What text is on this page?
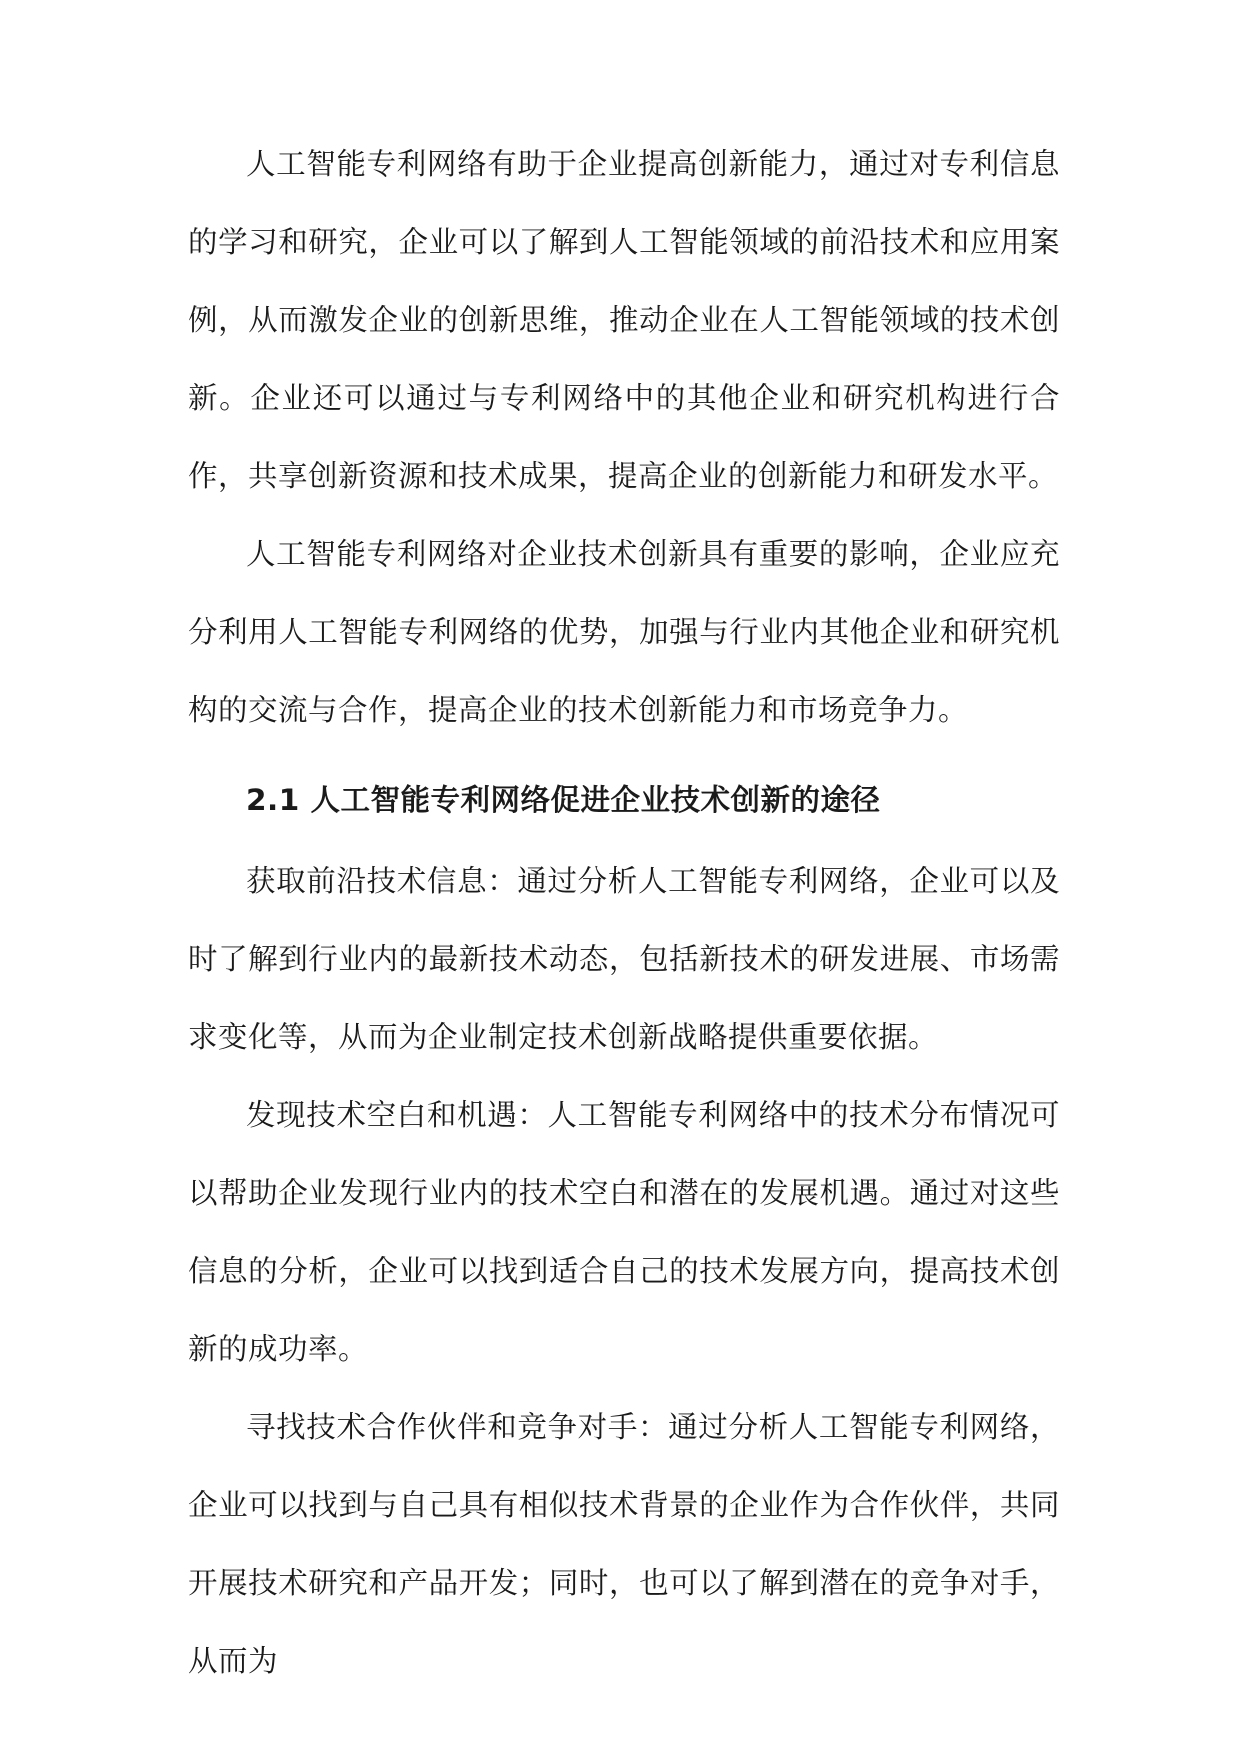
人工智能专利网络有助于企业提高创新能力，通过对专利信息的学习和研究，企业可以了解到人工智能领域的前沿技术和应用案例，从而激发企业的创新思维，推动企业在人工智能领域的技术创新。企业还可以通过与专利网络中的其他企业和研究机构进行合作，共享创新资源和技术成果，提高企业的创新能力和研发水平。

人工智能专利网络对企业技术创新具有重要的影响，企业应充分利用人工智能专利网络的优势，加强与行业内其他企业和研究机构的交流与合作，提高企业的技术创新能力和市场竞争力。

2.1 人工智能专利网络促进企业技术创新的途径

获取前沿技术信息：通过分析人工智能专利网络，企业可以及时了解到行业内的最新技术动态，包括新技术的研发进展、市场需求变化等，从而为企业制定技术创新战略提供重要依据。

发现技术空白和机遇：人工智能专利网络中的技术分布情况可以帮助企业发现行业内的技术空白和潜在的发展机遇。通过对这些信息的分析，企业可以找到适合自己的技术发展方向，提高技术创新的成功率。

寻找技术合作伙伴和竞争对手：通过分析人工智能专利网络，企业可以找到与自己具有相似技术背景的企业作为合作伙伴，共同开展技术研究和产品开发；同时，也可以了解到潜在的竞争对手，从而为
